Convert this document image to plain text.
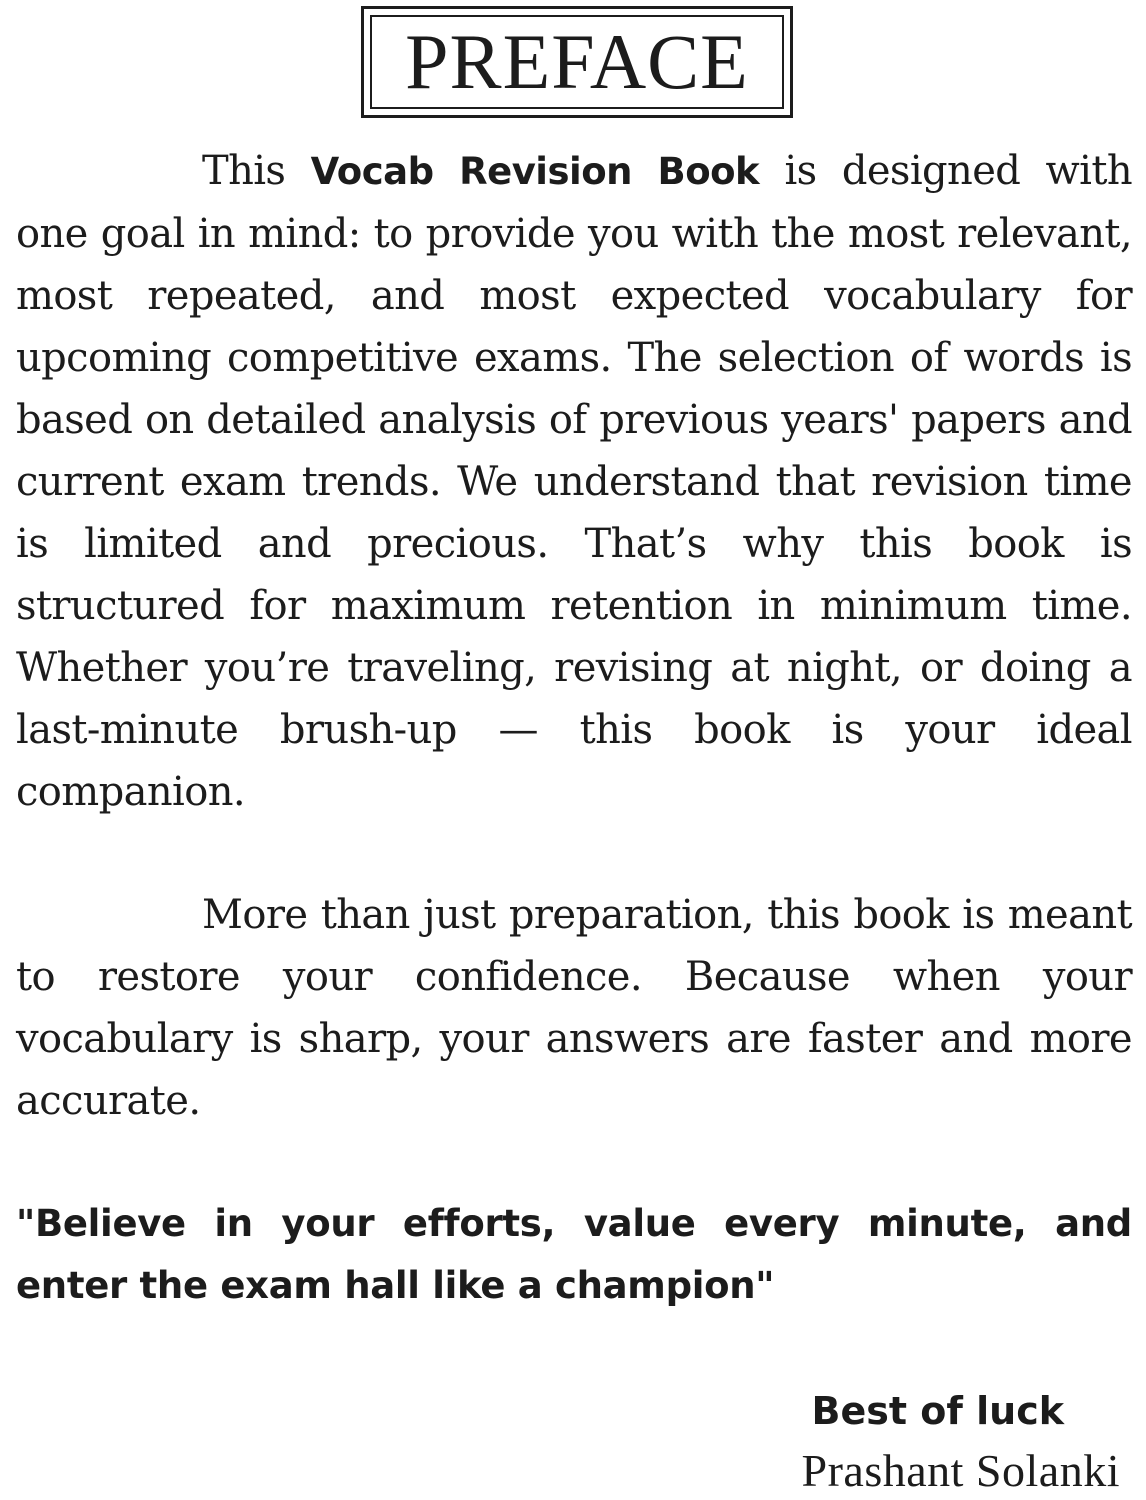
PREFACE

This Vocab Revision Book is designed with one goal in mind: to provide you with the most relevant, most repeated, and most expected vocabulary for upcoming competitive exams. The selection of words is based on detailed analysis of previous years' papers and current exam trends. We understand that revision time is limited and precious. That’s why this book is structured for maximum retention in minimum time. Whether you’re traveling, revising at night, or doing a last-minute brush-up — this book is your ideal companion.

More than just preparation, this book is meant to restore your confidence. Because when your vocabulary is sharp, your answers are faster and more accurate.

"Believe in your efforts, value every minute, and enter the exam hall like a champion"

Best of luck
Prashant Solanki
